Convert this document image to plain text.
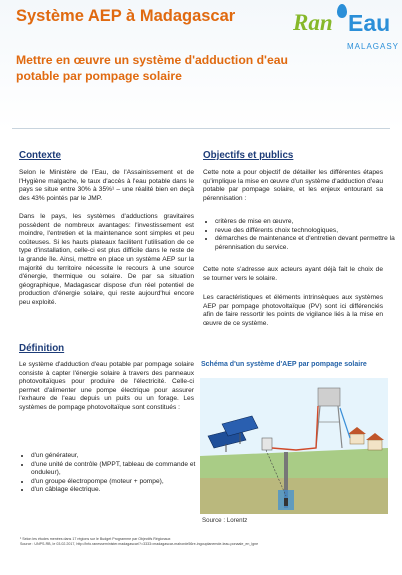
Système AEP à Madagascar
Mettre en œuvre un système d'adduction d'eau potable par pompage solaire
Ran Eau
MALAGASY
Contexte

Selon le Ministère de l'Eau, de l'Assainissement et de l'Hygiène malgache, le taux d'accès à l'eau potable dans le pays se situe entre 30% à 35%¹ – une réalité bien en deçà des 43% pointés par le JMP.

Dans le pays, les systèmes d'adductions gravitaires possèdent de nombreux avantages: l'investissement est moindre, l'entretien et la maintenance sont simples et peu coûteuses. Si les hauts plateaux facilitent l'utilisation de ce type d'installation, celle-ci est plus difficile dans le reste de la grande île. Ainsi, mettre en place un système AEP sur la majorité du territoire nécessite le recours à une source d'énergie, thermique ou solaire. De par sa situation géographique, Madagascar dispose d'un réel potentiel de production d'énergie solaire, qui reste aujourd'hui encore peu exploité.

Objectifs et publics

Cette note a pour objectif de détailler les différentes étapes qu'implique la mise en œuvre d'un système d'adduction d'eau potable par pompage solaire, et les enjeux entourant sa pérennisation :

• critères de mise en œuvre,
• revue des différents choix technologiques,
• démarches de maintenance et d'entretien devant permettre la pérennisation du service.

Cette note s'adresse aux acteurs ayant déjà fait le choix de se tourner vers le solaire.

Les caractéristiques et éléments intrinsèques aux systèmes AEP par pompage photovoltaïque (PV) sont ici différenciés afin de faire ressortir les points de vigilance liés à la mise en œuvre de ce système.

Définition

Le système d'adduction d'eau potable par pompage solaire consiste à capter l'énergie solaire à travers des panneaux photovoltaïques pour produire de l'électricité. Celle-ci permet d'alimenter une pompe électrique pour assurer l'exhaure de l'eau depuis un puits ou un forage. Les systèmes de pompage photovoltaïque sont constitués :

• d'un générateur,
• d'une unité de contrôle (MPPT, tableau de commande et onduleur),
• d'un groupe électropompe (moteur + pompe),
• d'un câblage électrique.
Schéma d'un système d'AEP par pompage solaire
Source : Lorentz
¹ Selon les études menées dans 17 régions sur le Budget Programme par Objectifs Régionaux
Source : UNPS-RB, le 03.02.2017, http://info.ranesseminister.madagascar/?=3333=madagascar-mahorde56re-ingouplanemde-leau-ponaale_en_lgne
